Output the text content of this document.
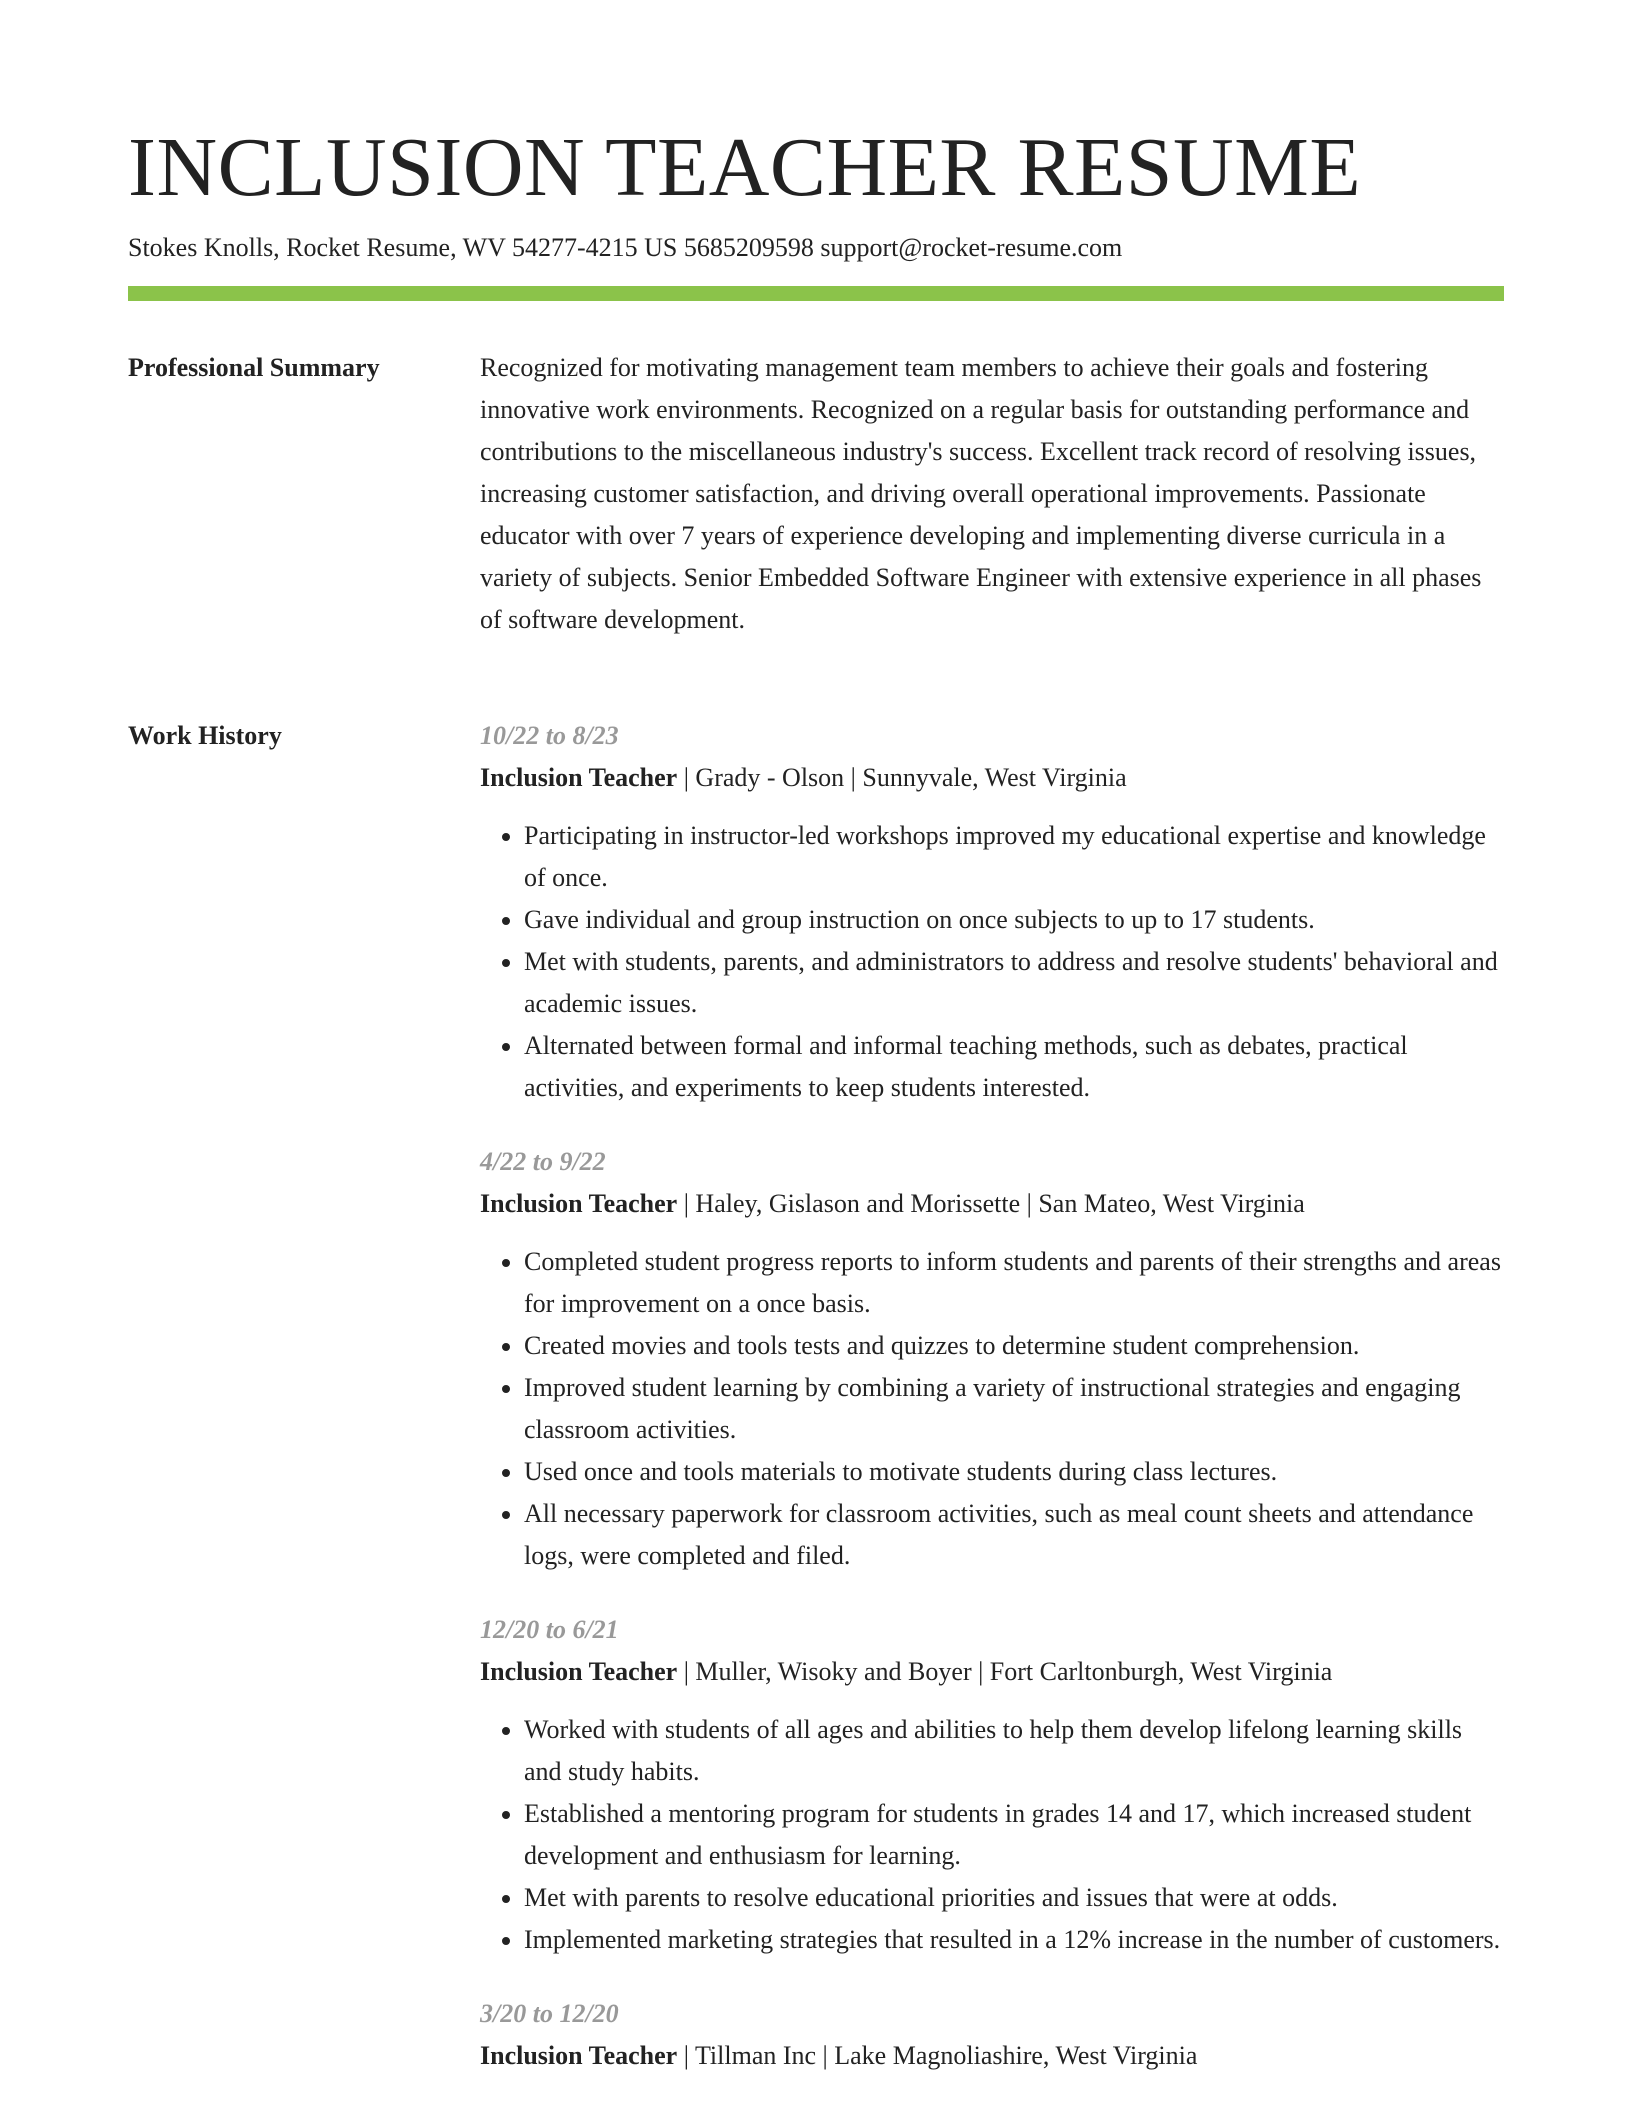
INCLUSION TEACHER RESUME
Stokes Knolls, Rocket Resume, WV 54277-4215 US 5685209598 support@rocket-resume.com
Professional Summary	Recognized for motivating management team members to achieve their goals and fostering innovative work environments. Recognized on a regular basis for outstanding performance and contributions to the miscellaneous industry's success. Excellent track record of resolving issues, increasing customer satisfaction, and driving overall operational improvements. Passionate educator with over 7 years of experience developing and implementing diverse curricula in a variety of subjects. Senior Embedded Software Engineer with extensive experience in all phases of software development.

Work History	10/22 to 8/23
Inclusion Teacher | Grady - Olson | Sunnyvale, West Virginia
• Participating in instructor-led workshops improved my educational expertise and knowledge of once.
• Gave individual and group instruction on once subjects to up to 17 students.
• Met with students, parents, and administrators to address and resolve students' behavioral and academic issues.
• Alternated between formal and informal teaching methods, such as debates, practical activities, and experiments to keep students interested.
4/22 to 9/22
Inclusion Teacher | Haley, Gislason and Morissette | San Mateo, West Virginia
• Completed student progress reports to inform students and parents of their strengths and areas for improvement on a once basis.
• Created movies and tools tests and quizzes to determine student comprehension.
• Improved student learning by combining a variety of instructional strategies and engaging classroom activities.
• Used once and tools materials to motivate students during class lectures.
• All necessary paperwork for classroom activities, such as meal count sheets and attendance logs, were completed and filed.
12/20 to 6/21
Inclusion Teacher | Muller, Wisoky and Boyer | Fort Carltonburgh, West Virginia
• Worked with students of all ages and abilities to help them develop lifelong learning skills and study habits.
• Established a mentoring program for students in grades 14 and 17, which increased student development and enthusiasm for learning.
• Met with parents to resolve educational priorities and issues that were at odds.
• Implemented marketing strategies that resulted in a 12% increase in the number of customers.
3/20 to 12/20
Inclusion Teacher | Tillman Inc | Lake Magnoliashire, West Virginia
